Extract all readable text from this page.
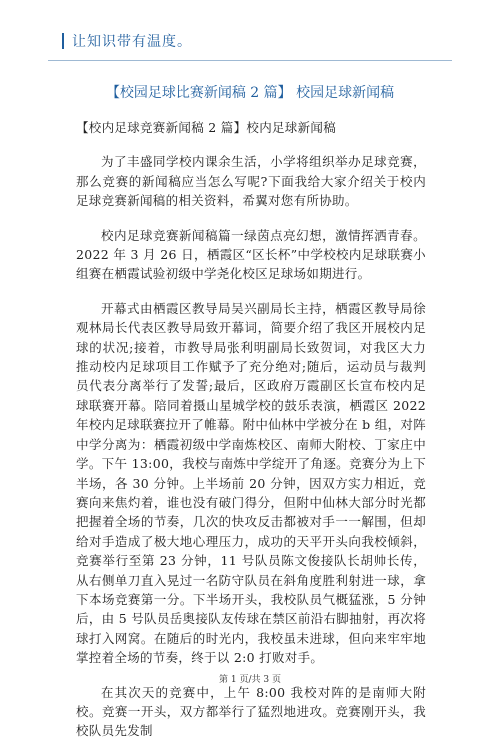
让知识带有温度。
【校园足球比赛新闻稿 2 篇】 校园足球新闻稿

【校内足球竞赛新闻稿 2 篇】校内足球新闻稿

为了丰盛同学校内课余生活，小学将组织举办足球竞赛，那么竞赛的新闻稿应当怎么写呢?下面我给大家介绍关于校内足球竞赛新闻稿的相关资料，希翼对您有所协助。

校内足球竞赛新闻稿篇一绿茵点亮幻想，激情挥洒青春。2022 年 3 月 26 日，栖霞区“区长杯”中学校校内足球联赛小组赛在栖霞试验初级中学尧化校区足球场如期进行。

开幕式由栖霞区教导局吴兴副局长主持，栖霞区教导局徐观林局长代表区教导局致开幕词，简要介绍了我区开展校内足球的状况;接着，市教导局张利明副局长致贺词，对我区大力推动校内足球项目工作赋予了充分绝对;随后，运动员与裁判员代表分离举行了发誓;最后，区政府万霞副区长宣布校内足球联赛开幕。陪同着摄山星城学校的鼓乐表演，栖霞区 2022 年校内足球联赛拉开了帷幕。附中仙林中学被分在 b 组，对阵中学分离为：栖霞初级中学南炼校区、南师大附校、丁家庄中学。下午 13:00，我校与南炼中学绽开了角逐。竞赛分为上下半场，各 30 分钟。上半场前 20 分钟，因双方实力相近，竞赛向来焦灼着，谁也没有破门得分，但附中仙林大部分时光都把握着全场的节奏，几次的快攻反击都被对手一一解围，但却给对手造成了极大地心理压力，成功的天平开头向我校倾斜，竞赛举行至第 23 分钟，11 号队员陈文俊接队长胡帅长传，从右侧单刀直入晃过一名防守队员在斜角度胜利射进一球，拿下本场竞赛第一分。下半场开头，我校队员气概猛涨，5 分钟后，由 5 号队员岳奥接队友传球在禁区前沿右脚抽射，再次将球打入网窝。在随后的时光内，我校虽未进球，但向来牢牢地掌控着全场的节奏，终于以 2:0 打败对手。

在其次天的竞赛中，上午 8:00 我校对阵的是南师大附校。竞赛一开头，双方都举行了猛烈地进攻。竞赛刚开头，我校队员先发制

第 1 页/共 3 页
